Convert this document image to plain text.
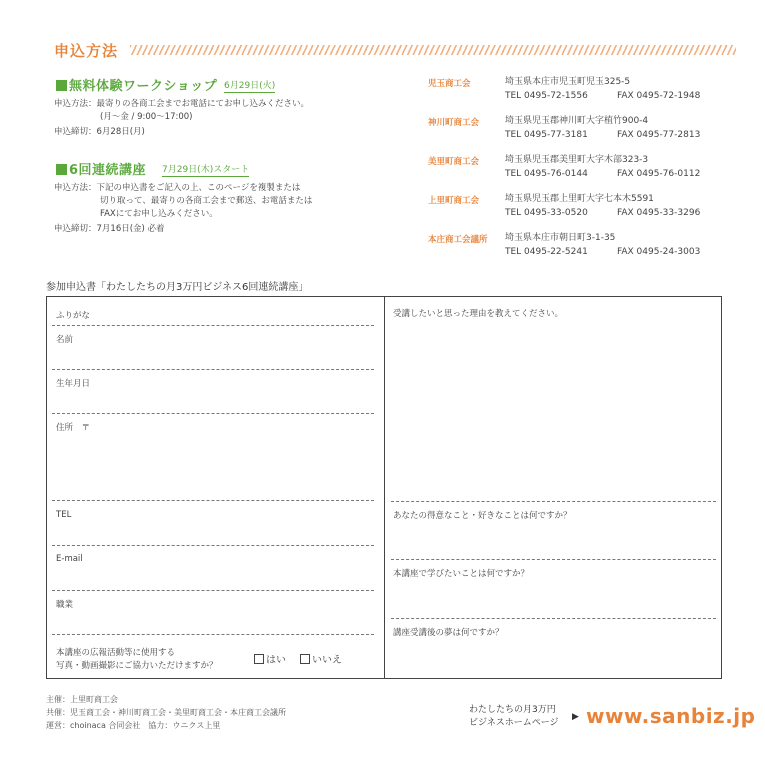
申込方法
無料体験ワークショップ 6月29日(火)
申込方法：最寄りの各商工会までお電話にてお申し込みください。
(月〜金 / 9:00〜17:00)
申込締切：6月28日(月)
6回連続講座 7月29日(木)スタート
申込方法：下記の申込書をご記入の上、このページを複製または
切り取って、最寄りの各商工会まで郵送、お電話または
FAXにてお申し込みください。
申込締切：7月16日(金) 必着
児玉商工会	埼玉県本庄市児玉町児玉325-5
TEL 0495-72-1556	FAX 0495-72-1948
神川町商工会	埼玉県児玉郡神川町大字植竹900-4
TEL 0495-77-3181	FAX 0495-77-2813
美里町商工会	埼玉県児玉郡美里町大字木部323-3
TEL 0495-76-0144	FAX 0495-76-0112
上里町商工会	埼玉県児玉郡上里町大字七本木5591
TEL 0495-33-0520	FAX 0495-33-3296
本庄商工会議所 埼玉県本庄市朝日町3-1-35
TEL 0495-22-5241	FAX 0495-24-3003
参加申込書「わたしたちの月3万円ビジネス6回連続講座」
ふりがな
名前
生年月日
住所　〒
TEL
E-mail
職業
本講座の広報活動等に使用する
写真・動画撮影にご協力いただけますか？	はい	いいえ
受講したいと思った理由を教えてください。
あなたの得意なこと・好きなことは何ですか？
本講座で学びたいことは何ですか？
講座受講後の夢は何ですか？
主催：上里町商工会
共催：児玉商工会・神川町商工会・美里町商工会・本庄商工会議所
運営：choinaca 合同会社　協力：ウニクス上里
わたしたちの月3万円
ビジネスホームページ
▶ www.sanbiz.jp
